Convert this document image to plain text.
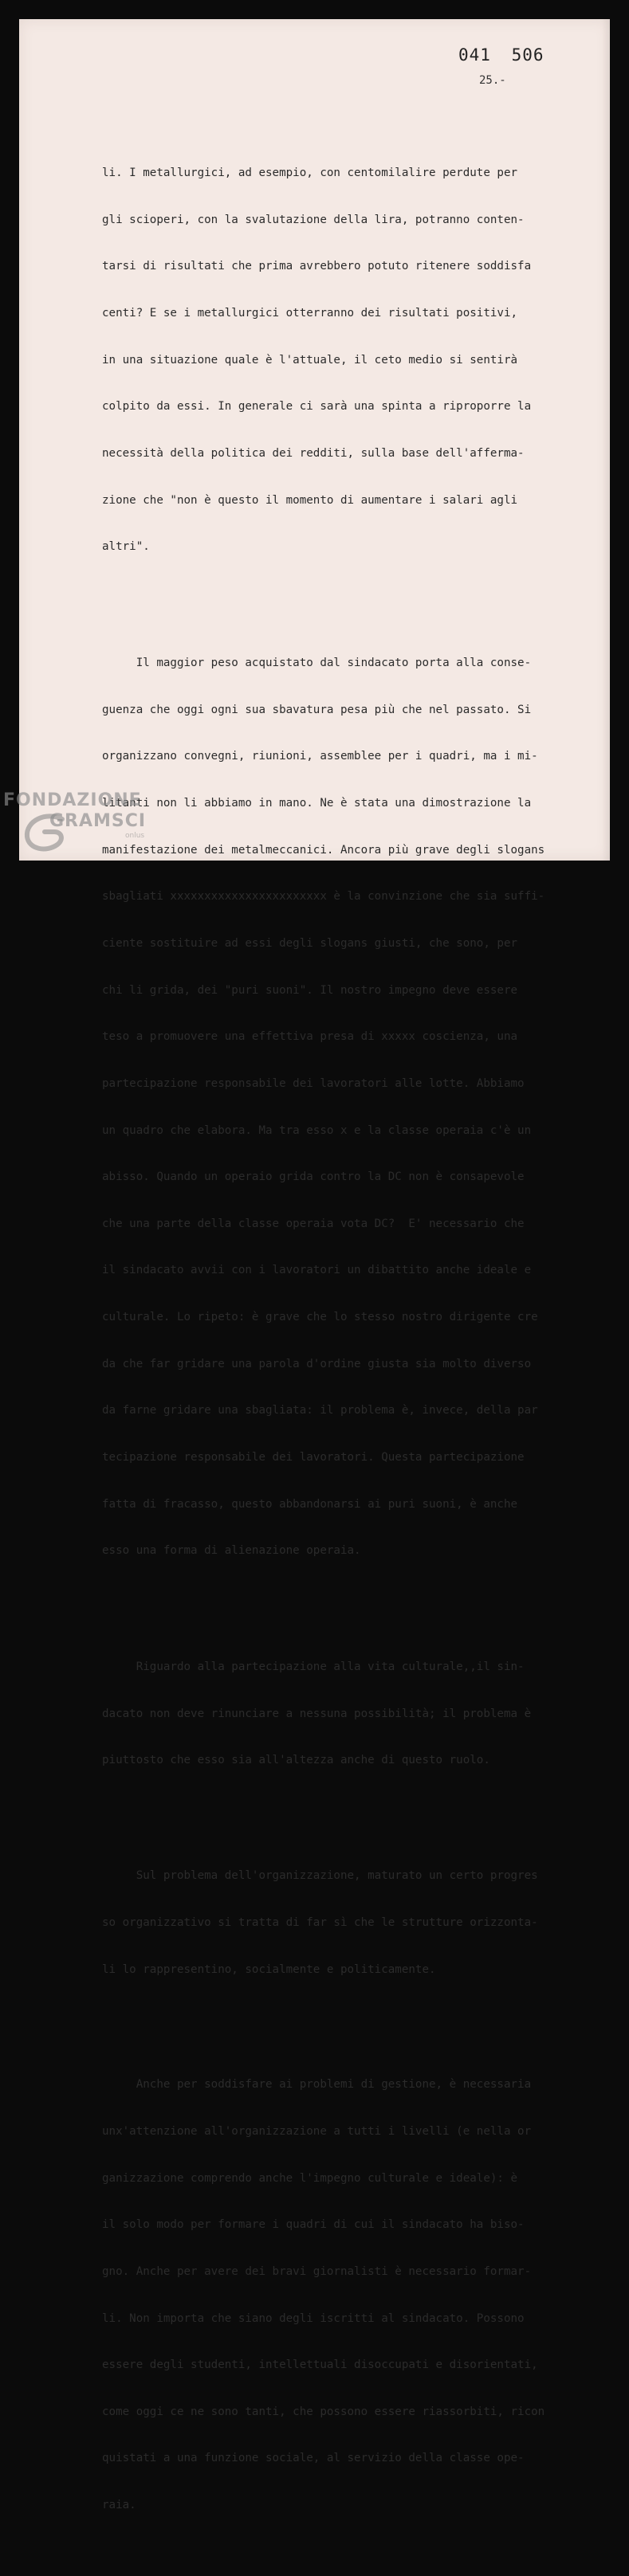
041 506
25.-

li. I metallurgici, ad esempio, con centomilalire perdute per

gli scioperi, con la svalutazione della lira, potranno conten-

tarsi di risultati che prima avrebbero potuto ritenere soddisfa

centi? E se i metallurgici otterranno dei risultati positivi,

in una situazione quale è l'attuale, il ceto medio si sentirà

colpito da essi. In generale ci sarà una spinta a riproporre la

necessità della politica dei redditi, sulla base dell'afferma-

zione che "non è questo il momento di aumentare i salari agli

altri".

Il maggior peso acquistato dal sindacato porta alla conse-

guenza che oggi ogni sua sbavatura pesa più che nel passato. Si

organizzano convegni, riunioni, assemblee per i quadri, ma i mi-

litanti non li abbiamo in mano. Ne è stata una dimostrazione la

manifestazione dei metalmeccanici. Ancora più grave degli slogans

sbagliati xxxxxxxxxxxxxxxxxxxxxxx è la convinzione che sia suffi-

ciente sostituire ad essi degli slogans giusti, che sono, per

chi li grida, dei "puri suoni". Il nostro impegno deve essere

teso a promuovere una effettiva presa di xxxxx coscienza, una

partecipazione responsabile dei lavoratori alle lotte. Abbiamo

un quadro che elabora. Ma tra esso x e la classe operaia c'è un

abisso. Quando un operaio grida contro la DC non è consapevole

che una parte della classe operaia vota DC?  E' necessario che

il sindacato avvii con i lavoratori un dibattito anche ideale e

culturale. Lo ripeto: è grave che lo stesso nostro dirigente cre

da che far gridare una parola d'ordine giusta sia molto diverso

da farne gridare una sbagliata: il problema è, invece, della par

tecipazione responsabile dei lavoratori. Questa partecipazione

fatta di fracasso, questo abbandonarsi ai puri suoni, è anche

esso una forma di alienazione operaia.

Riguardo alla partecipazione alla vita culturale,,il sin-

dacato non deve rinunciare a nessuna possibilità; il problema è

piuttosto che esso sia all'altezza anche di questo ruolo.

Sul problema dell'organizzazione, maturato un certo progres

so organizzativo si tratta di far sì che le strutture orizzonta-

li lo rappresentino, socialmente e politicamente.

Anche per soddisfare ai problemi di gestione, è necessaria

unx'attenzione all'organizzazione a tutti i livelli (e nella or

ganizzazione comprendo anche l'impegno culturale e ideale): è

il solo modo per formare i quadri di cui il sindacato ha biso-

gno. Anche per avere dei bravi giornalisti è necessario formar-

li. Non importa che siano degli iscritti al sindacato. Possono

essere degli studenti, intellettuali disoccupati e disorientati,

come oggi ce ne sono tanti, che possono essere riassorbiti, ricon

quistati a una funzione sociale, al servizio della classe ope-

raia.

FONDAZIONE
GRAMSCI
onlus
